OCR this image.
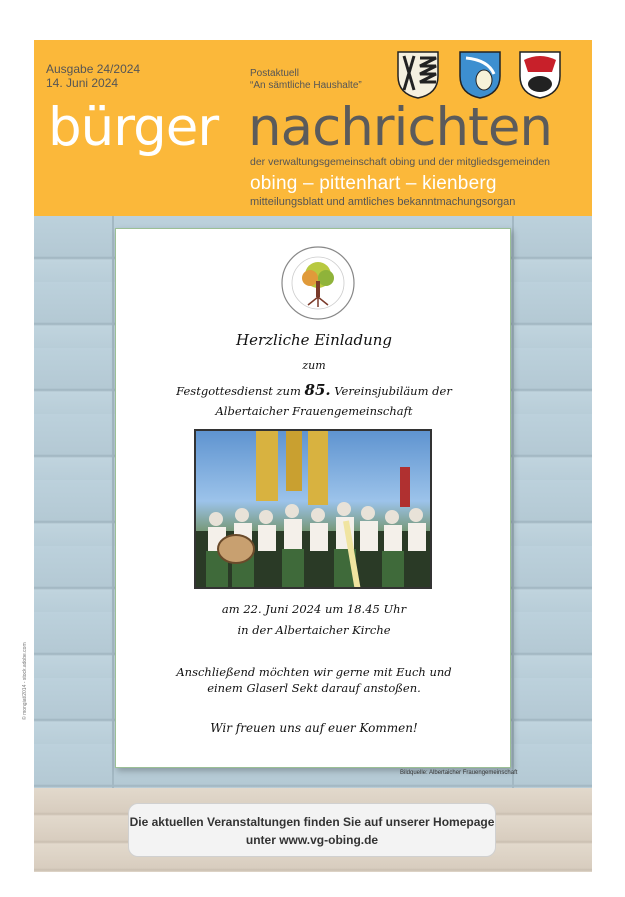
Ausgabe 24/2024
14. Juni 2024
Postaktuell
“An sämtliche Haushalte”
bürger nachrichten
der verwaltungsgemeinschaft obing und der mitgliedsgemeinden
obing – pittenhart – kienberg
mitteilungsblatt und amtliches bekanntmachungsorgan
© mongiat/2014 - stock.adobe.com
Herzliche Einladung
zum
Festgottesdienst zum 85. Vereinsjubiläum der
Albertaicher Frauengemeinschaft
am 22. Juni 2024 um 18.45 Uhr
in der Albertaicher Kirche
Anschließend möchten wir gerne mit Euch und
einem Glaserl Sekt darauf anstoßen.
Wir freuen uns auf euer Kommen!
Bildquelle: Albertaicher Frauengemeinschaft
Die aktuellen Veranstaltungen finden Sie auf unserer Homepage
unter www.vg-obing.de
